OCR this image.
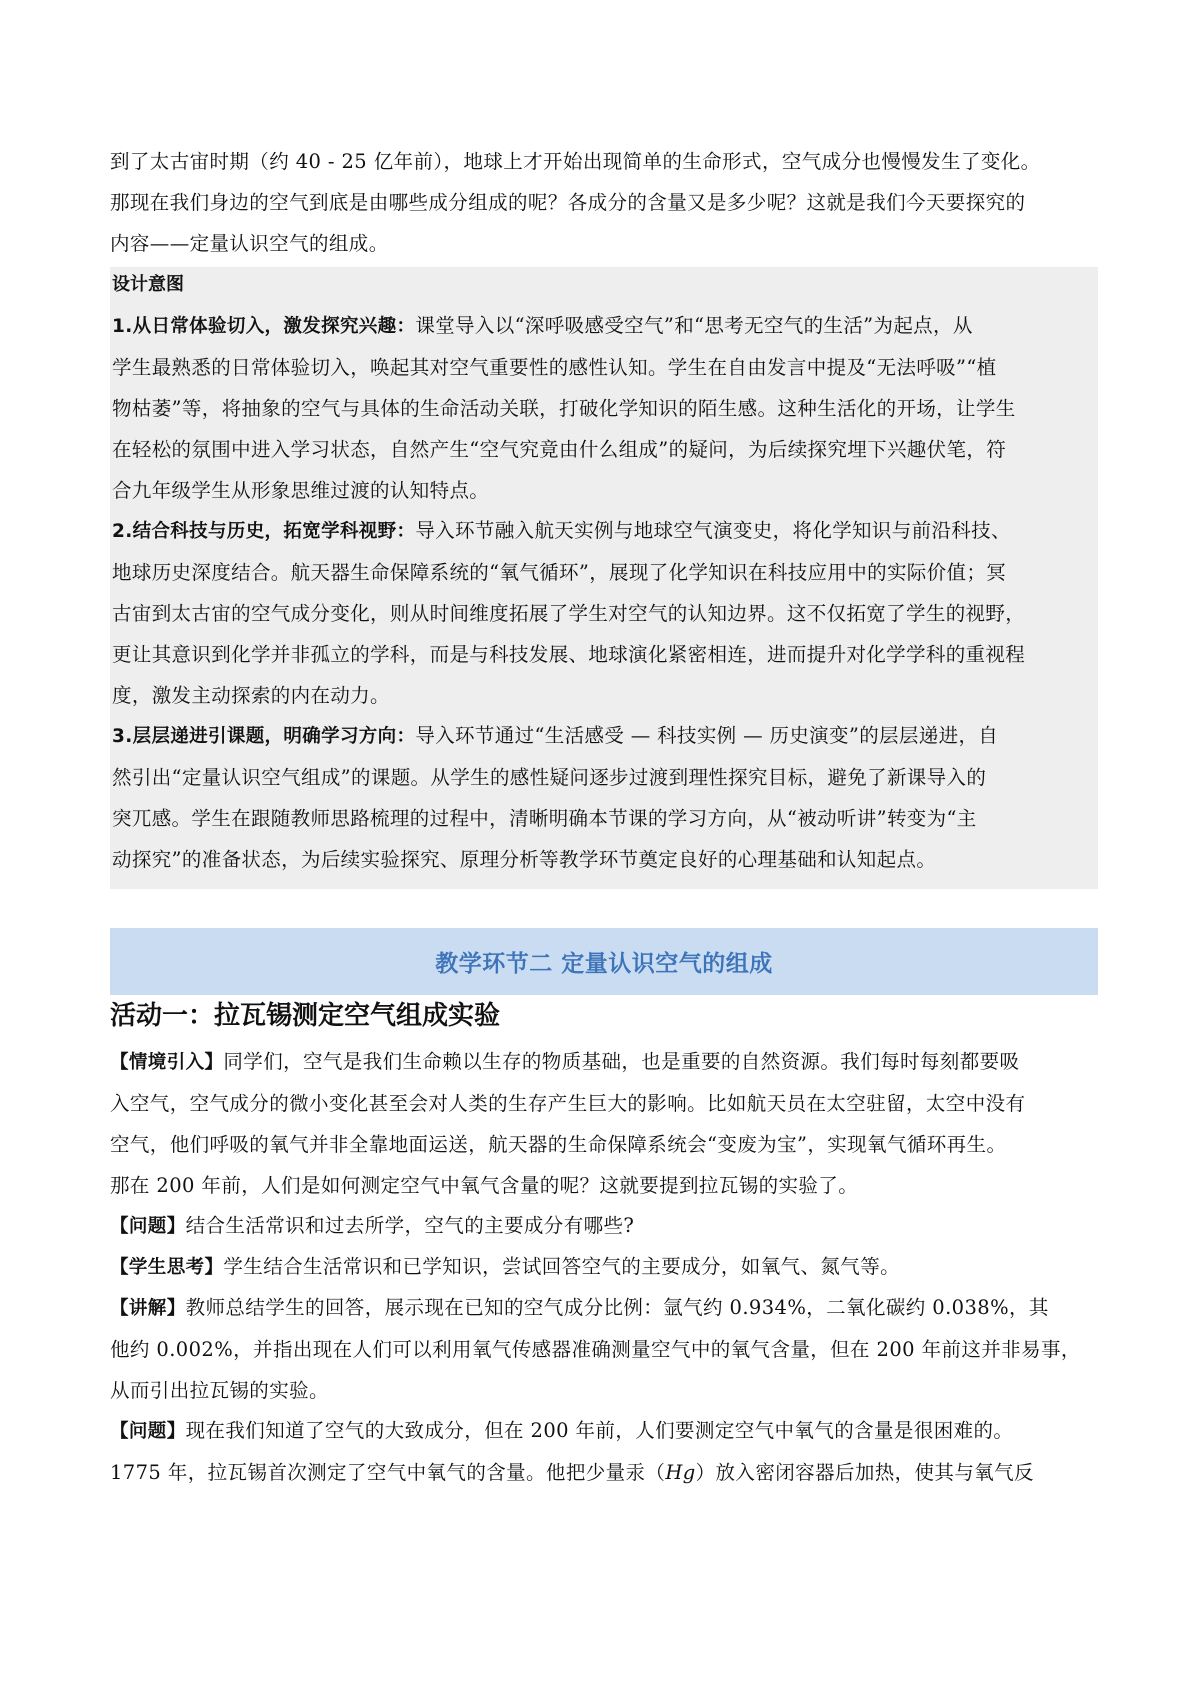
到了太古宙时期（约 40 - 25 亿年前），地球上才开始出现简单的生命形式，空气成分也慢慢发生了变化。
那现在我们身边的空气到底是由哪些成分组成的呢？各成分的含量又是多少呢？这就是我们今天要探究的
内容——定量认识空气的组成。
设计意图
1.从日常体验切入，激发探究兴趣：课堂导入以“深呼吸感受空气”和“思考无空气的生活”为起点，从
学生最熟悉的日常体验切入，唤起其对空气重要性的感性认知。学生在自由发言中提及“无法呼吸”“植
物枯萎”等，将抽象的空气与具体的生命活动关联，打破化学知识的陌生感。这种生活化的开场，让学生
在轻松的氛围中进入学习状态，自然产生“空气究竟由什么组成”的疑问，为后续探究埋下兴趣伏笔，符
合九年级学生从形象思维过渡的认知特点。
2.结合科技与历史，拓宽学科视野：导入环节融入航天实例与地球空气演变史，将化学知识与前沿科技、
地球历史深度结合。航天器生命保障系统的“氧气循环”，展现了化学知识在科技应用中的实际价值；冥
古宙到太古宙的空气成分变化，则从时间维度拓展了学生对空气的认知边界。这不仅拓宽了学生的视野，
更让其意识到化学并非孤立的学科，而是与科技发展、地球演化紧密相连，进而提升对化学学科的重视程
度，激发主动探索的内在动力。
3.层层递进引课题，明确学习方向：导入环节通过“生活感受 — 科技实例 — 历史演变”的层层递进，自
然引出“定量认识空气组成”的课题。从学生的感性疑问逐步过渡到理性探究目标，避免了新课导入的
突兀感。学生在跟随教师思路梳理的过程中，清晰明确本节课的学习方向，从“被动听讲”转变为“主
动探究”的准备状态，为后续实验探究、原理分析等教学环节奠定良好的心理基础和认知起点。
教学环节二 定量认识空气的组成
活动一：拉瓦锡测定空气组成实验
【情境引入】同学们，空气是我们生命赖以生存的物质基础，也是重要的自然资源。我们每时每刻都要吸
入空气，空气成分的微小变化甚至会对人类的生存产生巨大的影响。比如航天员在太空驻留，太空中没有
空气，他们呼吸的氧气并非全靠地面运送，航天器的生命保障系统会“变废为宝”，实现氧气循环再生。
那在 200 年前，人们是如何测定空气中氧气含量的呢？这就要提到拉瓦锡的实验了。
【问题】结合生活常识和过去所学，空气的主要成分有哪些?
【学生思考】学生结合生活常识和已学知识，尝试回答空气的主要成分，如氧气、氮气等。
【讲解】教师总结学生的回答，展示现在已知的空气成分比例：氩气约 0.934%，二氧化碳约 0.038%，其
他约 0.002%，并指出现在人们可以利用氧气传感器准确测量空气中的氧气含量，但在 200 年前这并非易事，
从而引出拉瓦锡的实验。
【问题】现在我们知道了空气的大致成分，但在 200 年前，人们要测定空气中氧气的含量是很困难的。
1775 年，拉瓦锡首次测定了空气中氧气的含量。他把少量汞（Hg）放入密闭容器后加热，使其与氧气反
